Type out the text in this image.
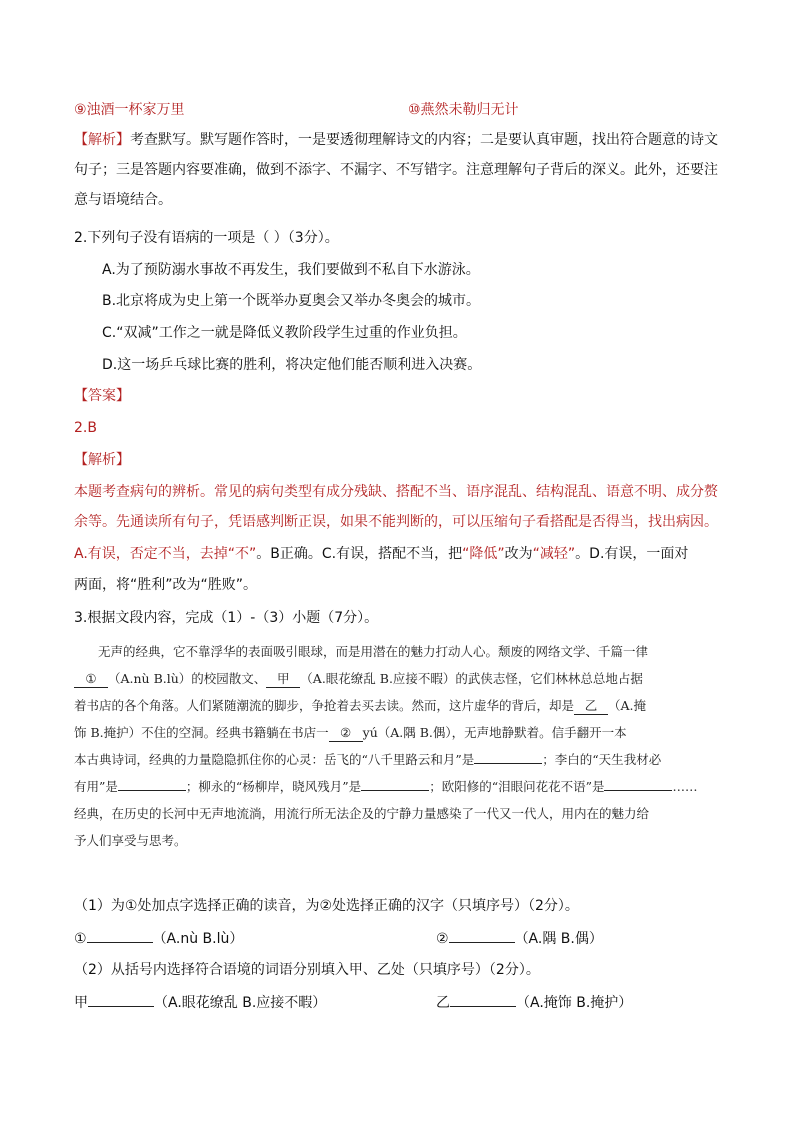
⑨浊酒一杯家万里	⑩燕然未勒归无计
【解析】考查默写。默写题作答时，一是要透彻理解诗文的内容；二是要认真审题，找出符合题意的诗文
句子；三是答题内容要准确，做到不添字、不漏字、不写错字。注意理解句子背后的深义。此外，还要注
意与语境结合。
2.下列句子没有语病的一项是（ ）（3分）。
A.为了预防溺水事故不再发生，我们要做到不私自下水游泳。
B.北京将成为史上第一个既举办夏奥会又举办冬奥会的城市。
C.“双减”工作之一就是降低义教阶段学生过重的作业负担。
D.这一场乒乓球比赛的胜利，将决定他们能否顺利进入决赛。
【答案】
2.B
【解析】
本题考查病句的辨析。常见的病句类型有成分残缺、搭配不当、语序混乱、结构混乱、语意不明、成分赘
余等。先通读所有句子，凭语感判断正误，如果不能判断的，可以压缩句子看搭配是否得当，找出病因。
A.有误，否定不当，去掉“不”。B正确。C.有误，搭配不当，把“降低”改为“减轻”。D.有误，一面对
两面，将“胜利”改为“胜败”。
3.根据文段内容，完成（1）-（3）小题（7分）。

无声的经典，它不靠浮华的表面吸引眼球，而是用潜在的魅力打动人心。颓废的网络文学、千篇一律

① （A.nù B.lù）的校园散文、 甲 （A.眼花缭乱 B.应接不暇）的武侠志怪，它们林林总总地占据

着书店的各个角落。人们紧随潮流的脚步，争抢着去买去读。然而，这片虚华的背后，却是 乙 （A.掩

饰 B.掩护）不住的空洞。经典书籍躺在书店一 ② yú（A.隅 B.偶），无声地静默着。信手翻开一本

本古典诗词，经典的力量隐隐抓住你的心灵：岳飞的“八千里路云和月”是	；李白的“天生我材必

有用”是	；柳永的“杨柳岸，晓风残月”是	；欧阳修的“泪眼问花花不语”是	……

经典，在历史的长河中无声地流淌，用流行所无法企及的宁静力量感染了一代又一代人，用内在的魅力给

予人们享受与思考。

（1）为①处加点字选择正确的读音，为②处选择正确的汉字（只填序号）（2分）。
①	（A.nù B.lù）	②	（A.隅 B.偶）
（2）从括号内选择符合语境的词语分别填入甲、乙处（只填序号）（2分）。
甲	（A.眼花缭乱 B.应接不暇）	乙	（A.掩饰 B.掩护）
